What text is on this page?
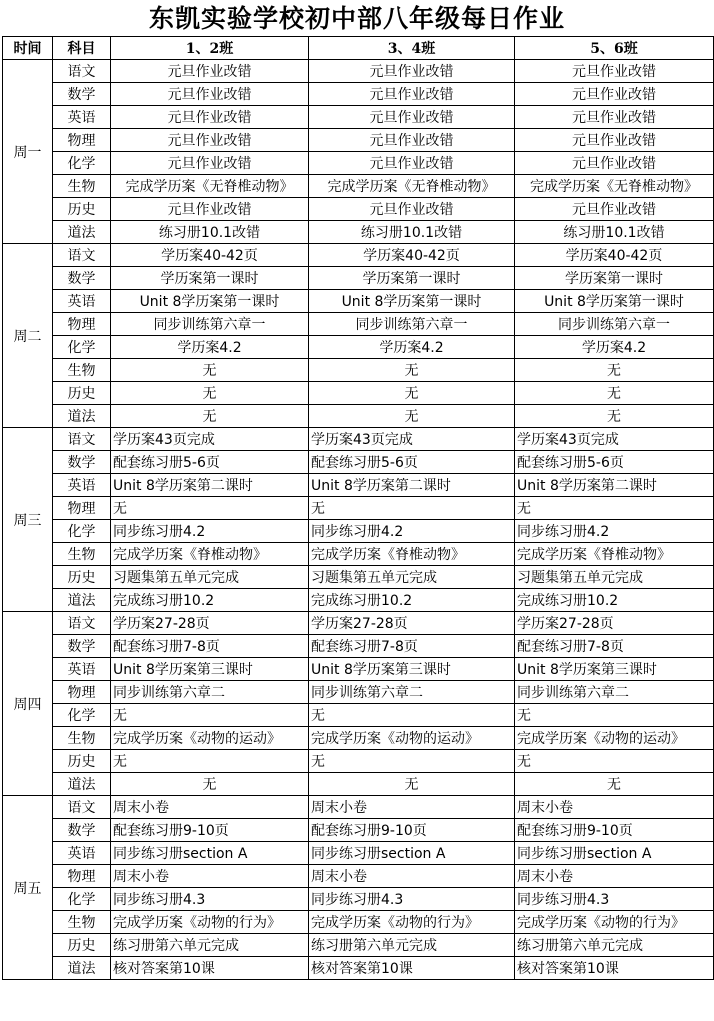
东凯实验学校初中部八年级每日作业
时间	科目	1、2班	3、4班	5、6班
周一	语文	元旦作业改错	元旦作业改错	元旦作业改错
	数学	元旦作业改错	元旦作业改错	元旦作业改错
	英语	元旦作业改错	元旦作业改错	元旦作业改错
	物理	元旦作业改错	元旦作业改错	元旦作业改错
	化学	元旦作业改错	元旦作业改错	元旦作业改错
	生物	完成学历案《无脊椎动物》	完成学历案《无脊椎动物》	完成学历案《无脊椎动物》
	历史	元旦作业改错	元旦作业改错	元旦作业改错
	道法	练习册10.1改错	练习册10.1改错	练习册10.1改错
周二	语文	学历案40-42页	学历案40-42页	学历案40-42页
	数学	学历案第一课时	学历案第一课时	学历案第一课时
	英语	Unit 8学历案第一课时	Unit 8学历案第一课时	Unit 8学历案第一课时
	物理	同步训练第六章一	同步训练第六章一	同步训练第六章一
	化学	学历案4.2	学历案4.2	学历案4.2
	生物	无	无	无
	历史	无	无	无
	道法	无	无	无
周三	语文	学历案43页完成	学历案43页完成	学历案43页完成
	数学	配套练习册5-6页	配套练习册5-6页	配套练习册5-6页
	英语	Unit 8学历案第二课时	Unit 8学历案第二课时	Unit 8学历案第二课时
	物理	无	无	无
	化学	同步练习册4.2	同步练习册4.2	同步练习册4.2
	生物	完成学历案《脊椎动物》	完成学历案《脊椎动物》	完成学历案《脊椎动物》
	历史	习题集第五单元完成	习题集第五单元完成	习题集第五单元完成
	道法	完成练习册10.2	完成练习册10.2	完成练习册10.2
周四	语文	学历案27-28页	学历案27-28页	学历案27-28页
	数学	配套练习册7-8页	配套练习册7-8页	配套练习册7-8页
	英语	Unit 8学历案第三课时	Unit 8学历案第三课时	Unit 8学历案第三课时
	物理	同步训练第六章二	同步训练第六章二	同步训练第六章二
	化学	无	无	无
	生物	完成学历案《动物的运动》	完成学历案《动物的运动》	完成学历案《动物的运动》
	历史	无	无	无
	道法	无	无	无
周五	语文	周末小卷	周末小卷	周末小卷
	数学	配套练习册9-10页	配套练习册9-10页	配套练习册9-10页
	英语	同步练习册section A	同步练习册section A	同步练习册section A
	物理	周末小卷	周末小卷	周末小卷
	化学	同步练习册4.3	同步练习册4.3	同步练习册4.3
	生物	完成学历案《动物的行为》	完成学历案《动物的行为》	完成学历案《动物的行为》
	历史	练习册第六单元完成	练习册第六单元完成	练习册第六单元完成
	道法	核对答案第10课	核对答案第10课	核对答案第10课
